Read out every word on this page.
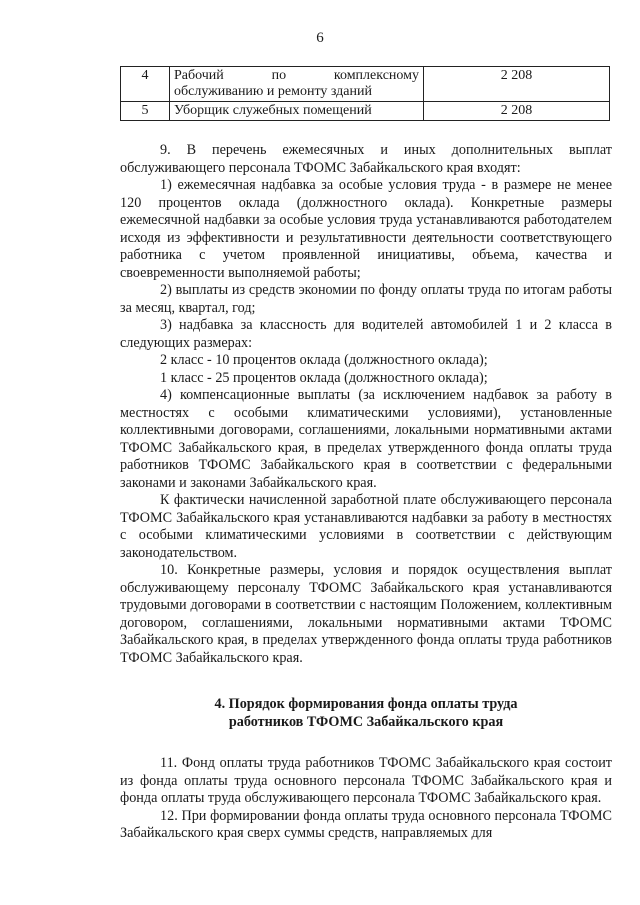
6
4	Рабочий по комплексному
обслуживанию и ремонту зданий	2 208
5	Уборщик служебных помещений	2 208

9. В перечень ежемесячных и иных дополнительных выплат обслуживающего персонала ТФОМС Забайкальского края входят:

1) ежемесячная надбавка за особые условия труда - в размере не менее 120 процентов оклада (должностного оклада). Конкретные размеры ежемесячной надбавки за особые условия труда устанавливаются работодателем исходя из эффективности и результативности деятельности соответствующего работника с учетом проявленной инициативы, объема, качества и своевременности выполняемой работы;

2) выплаты из средств экономии по фонду оплаты труда по итогам работы за месяц, квартал, год;

3) надбавка за классность для водителей автомобилей 1 и 2 класса в следующих размерах:

2 класс - 10 процентов оклада (должностного оклада);

1 класс - 25 процентов оклада (должностного оклада);

4) компенсационные выплаты (за исключением надбавок за работу в местностях с особыми климатическими условиями), установленные коллективными договорами, соглашениями, локальными нормативными актами ТФОМС Забайкальского края, в пределах утвержденного фонда оплаты труда работников ТФОМС Забайкальского края в соответствии с федеральными законами и законами Забайкальского края.

К фактически начисленной заработной плате обслуживающего персонала ТФОМС Забайкальского края устанавливаются надбавки за работу в местностях с особыми климатическими условиями в соответствии с действующим законодательством.

10. Конкретные размеры, условия и порядок осуществления выплат обслуживающему персоналу ТФОМС Забайкальского края устанавливаются трудовыми договорами в соответствии с настоящим Положением, коллективным договором, соглашениями, локальными нормативными актами ТФОМС Забайкальского края, в пределах утвержденного фонда оплаты труда работников ТФОМС Забайкальского края.

4. Порядок формирования фонда оплаты труда
работников ТФОМС Забайкальского края

11. Фонд оплаты труда работников ТФОМС Забайкальского края состоит из фонда оплаты труда основного персонала ТФОМС Забайкальского края и фонда оплаты труда обслуживающего персонала ТФОМС Забайкальского края.

12. При формировании фонда оплаты труда основного персонала ТФОМС Забайкальского края сверх суммы средств, направляемых для
